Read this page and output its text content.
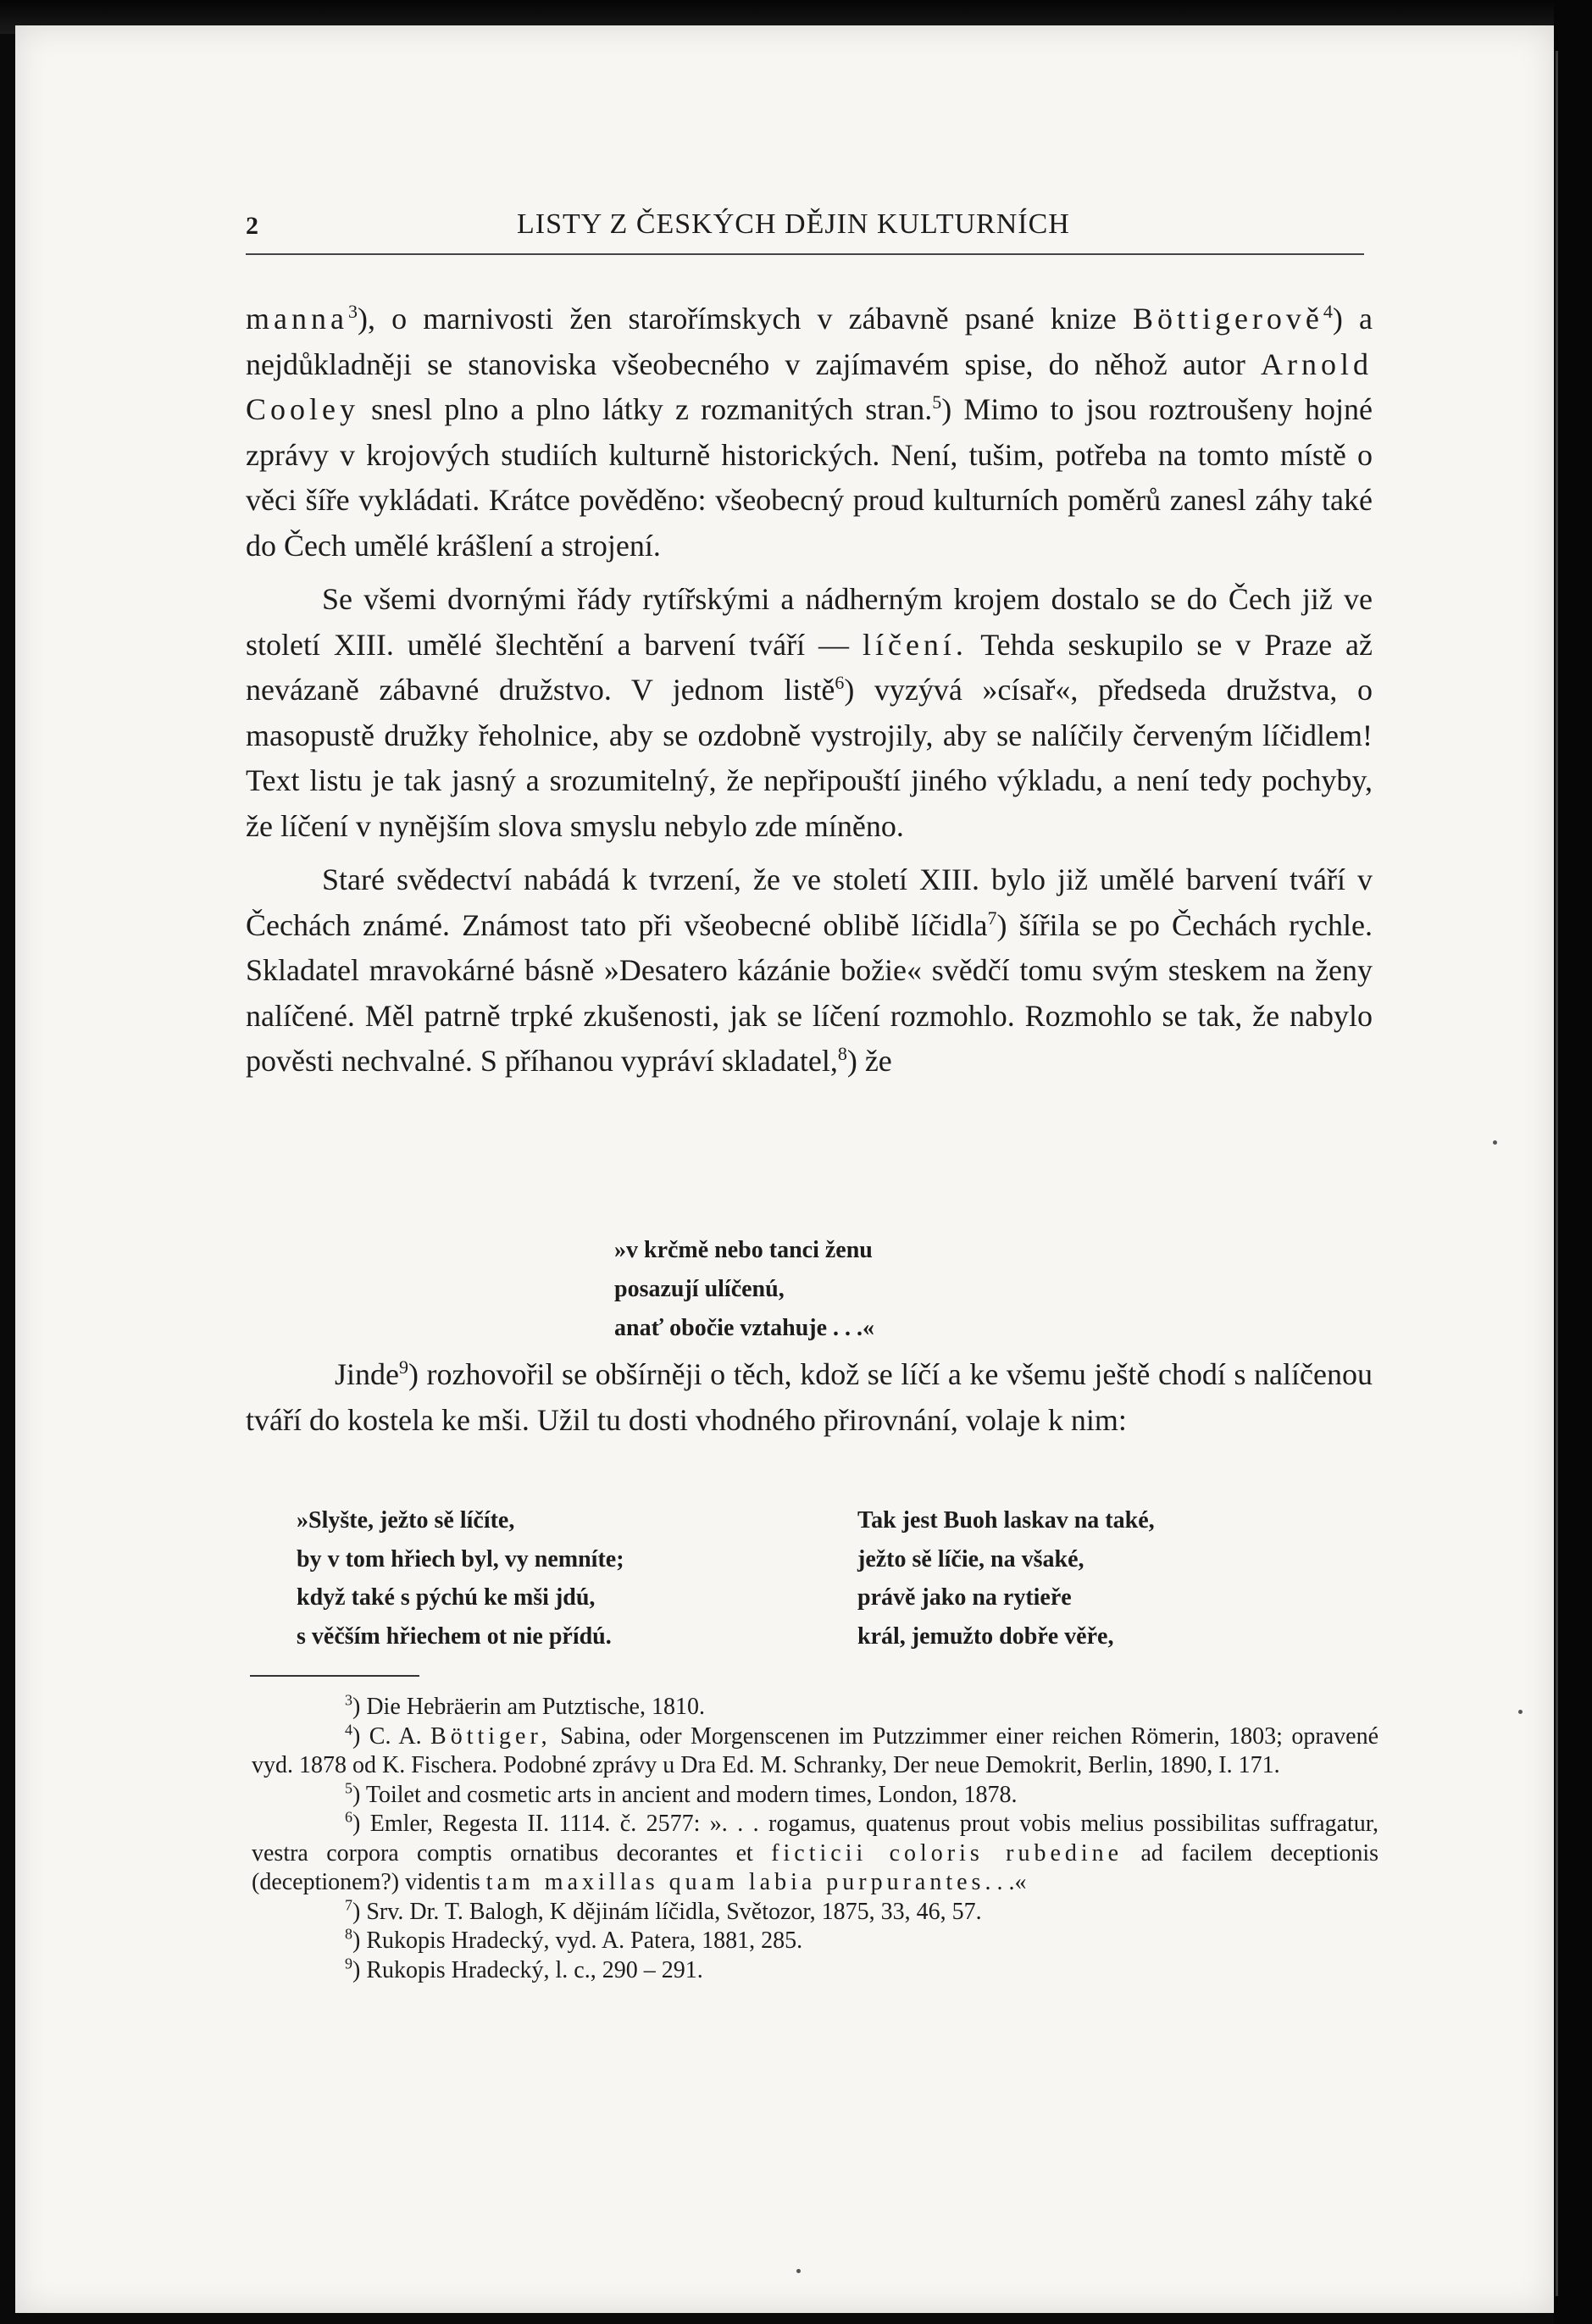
2	LISTY Z ČESKÝCH DĚJIN KULTURNÍCH

manna$^3$), o marnivosti žen starořímskych v zábavně psané knize Böttigerově$^4$) a nejdůkladněji se stanoviska všeobecného v zajímavém spise, do něhož autor Arnold Cooley snesl plno a plno látky z rozmanitých stran.$^5$) Mimo to jsou roztroušeny hojné zprávy v krojových studiích kulturně historických. Není, tušim, potřeba na tomto místě o věci šíře vykládati. Krátce pověděno: všeobecný proud kulturních poměrů zanesl záhy také do Čech umělé krášlení a strojení.

Se všemi dvornými řády rytířskými a nádherným krojem dostalo se do Čech již ve století XIII. umělé šlechtění a barvení tváří — líčení. Tehda seskupilo se v Praze až nevázaně zábavné družstvo. V jednom listě$^6$) vyzývá »císař«, předseda družstva, o masopustě družky řeholnice, aby se ozdobně vystrojily, aby se nalíčily červeným líčidlem! Text listu je tak jasný a srozumitelný, že nepřipouští jiného výkladu, a není tedy pochyby, že líčení v nynějším slova smyslu nebylo zde míněno.

Staré svědectví nabádá k tvrzení, že ve století XIII. bylo již umělé barvení tváří v Čechách známé. Známost tato při všeobecné oblibě líčidla$^7$) šířila se po Čechách rychle. Skladatel mravokárné básně »Desatero kázánie božie« svědčí tomu svým steskem na ženy nalíčené. Měl patrně trpké zkušenosti, jak se líčení rozmohlo. Rozmohlo se tak, že nabylo pověsti nechvalné. S příhanou vypráví skladatel,$^8$) že

»v krčmě nebo tanci ženu
posazují ulíčenú,
anať obočie vztahuje . . .«

Jinde$^9$) rozhovořil se obšírněji o těch, kdož se líčí a ke všemu ještě chodí s nalíčenou tváří do kostela ke mši. Užil tu dosti vhodného přirovnání, volaje k nim:

»Slyšte, ježto sě líčíte,
by v tom hřiech byl, vy nemníte;
když také s pýchú ke mši jdú,
s věčším hřiechem ot nie přídú.
Tak jest Buoh laskav na také,
ježto sě líčie, na všaké,
právě jako na rytieře
král, jemužto dobře věře,

$^3$) Die Hebräerin am Putztische, 1810.

$^4$) C. A. Böttiger, Sabina, oder Morgenscenen im Putzzimmer einer reichen Römerin, 1803; opravené vyd. 1878 od K. Fischera. Podobné zprávy u Dra Ed. M. Schranky, Der neue Demokrit, Berlin, 1890, I. 171.

$^5$) Toilet and cosmetic arts in ancient and modern times, London, 1878.

$^6$) Emler, Regesta II. 1114. č. 2577: ». . . rogamus, quatenus prout vobis melius possibilitas suffragatur, vestra corpora comptis ornatibus decorantes et ficticii coloris rubedine ad facilem deceptionis (deceptionem?) videntis tam maxillas quam labia purpurantes. . .«

$^7$) Srv. Dr. T. Balogh, K dějinám líčidla, Světozor, 1875, 33, 46, 57.

$^8$) Rukopis Hradecký, vyd. A. Patera, 1881, 285.

$^9$) Rukopis Hradecký, l. c., 290 – 291.
